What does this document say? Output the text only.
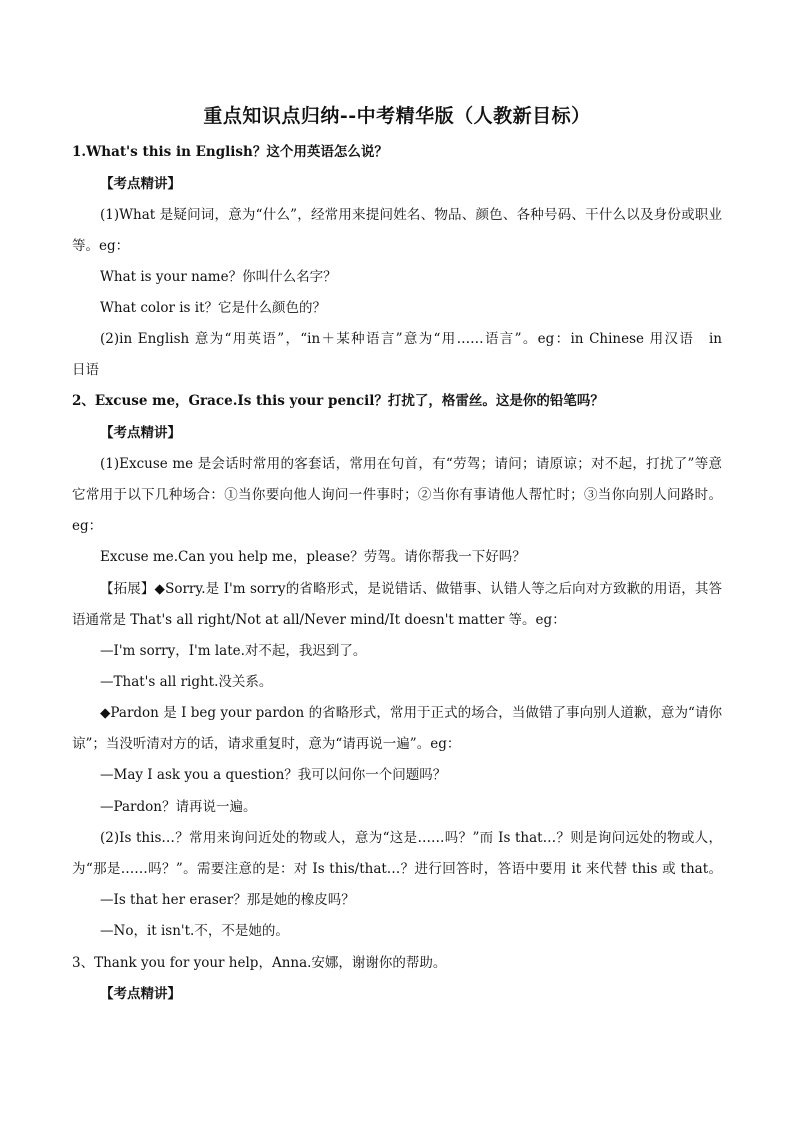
重点知识点归纳--中考精华版（人教新目标）
1.What's this in English？这个用英语怎么说？
【考点精讲】
(1)What 是疑问词，意为“什么”，经常用来提问姓名、物品、颜色、各种号码、干什么以及身份或职业
等。eg：
What is your name？你叫什么名字？
What color is it？它是什么颜色的？
(2)in English 意为“用英语”，“in＋某种语言”意为“用……语言”。eg：in Chinese 用汉语　in
日语
2、Excuse me，Grace.Is this your pencil？打扰了，格雷丝。这是你的铅笔吗？
【考点精讲】
(1)Excuse me 是会话时常用的客套话，常用在句首，有“劳驾；请问；请原谅；对不起，打扰了”等意
它常用于以下几种场合：①当你要向他人询问一件事时；②当你有事请他人帮忙时；③当你向别人问路时。
eg：
Excuse me.Can you help me，please？劳驾。请你帮我一下好吗？
【拓展】◆Sorry.是 I'm sorry的省略形式，是说错话、做错事、认错人等之后向对方致歉的用语，其答
语通常是 That's all right/Not at all/Never mind/It doesn't matter 等。eg：
—I'm sorry，I'm late.对不起，我迟到了。
—That's all right.没关系。
◆Pardon 是 I beg your pardon 的省略形式，常用于正式的场合，当做错了事向别人道歉，意为“请你
谅”；当没听清对方的话，请求重复时，意为“请再说一遍”。eg：
—May I ask you a question？我可以问你一个问题吗？
—Pardon？请再说一遍。
(2)Is this…？常用来询问近处的物或人，意为“这是……吗？”而 Is that…？则是询问远处的物或人，
为“那是……吗？”。需要注意的是：对 Is this/that…？进行回答时，答语中要用 it 来代替 this 或 that。
—Is that her eraser？那是她的橡皮吗？
—No，it isn't.不，不是她的。
3、Thank you for your help，Anna.安娜，谢谢你的帮助。
【考点精讲】
